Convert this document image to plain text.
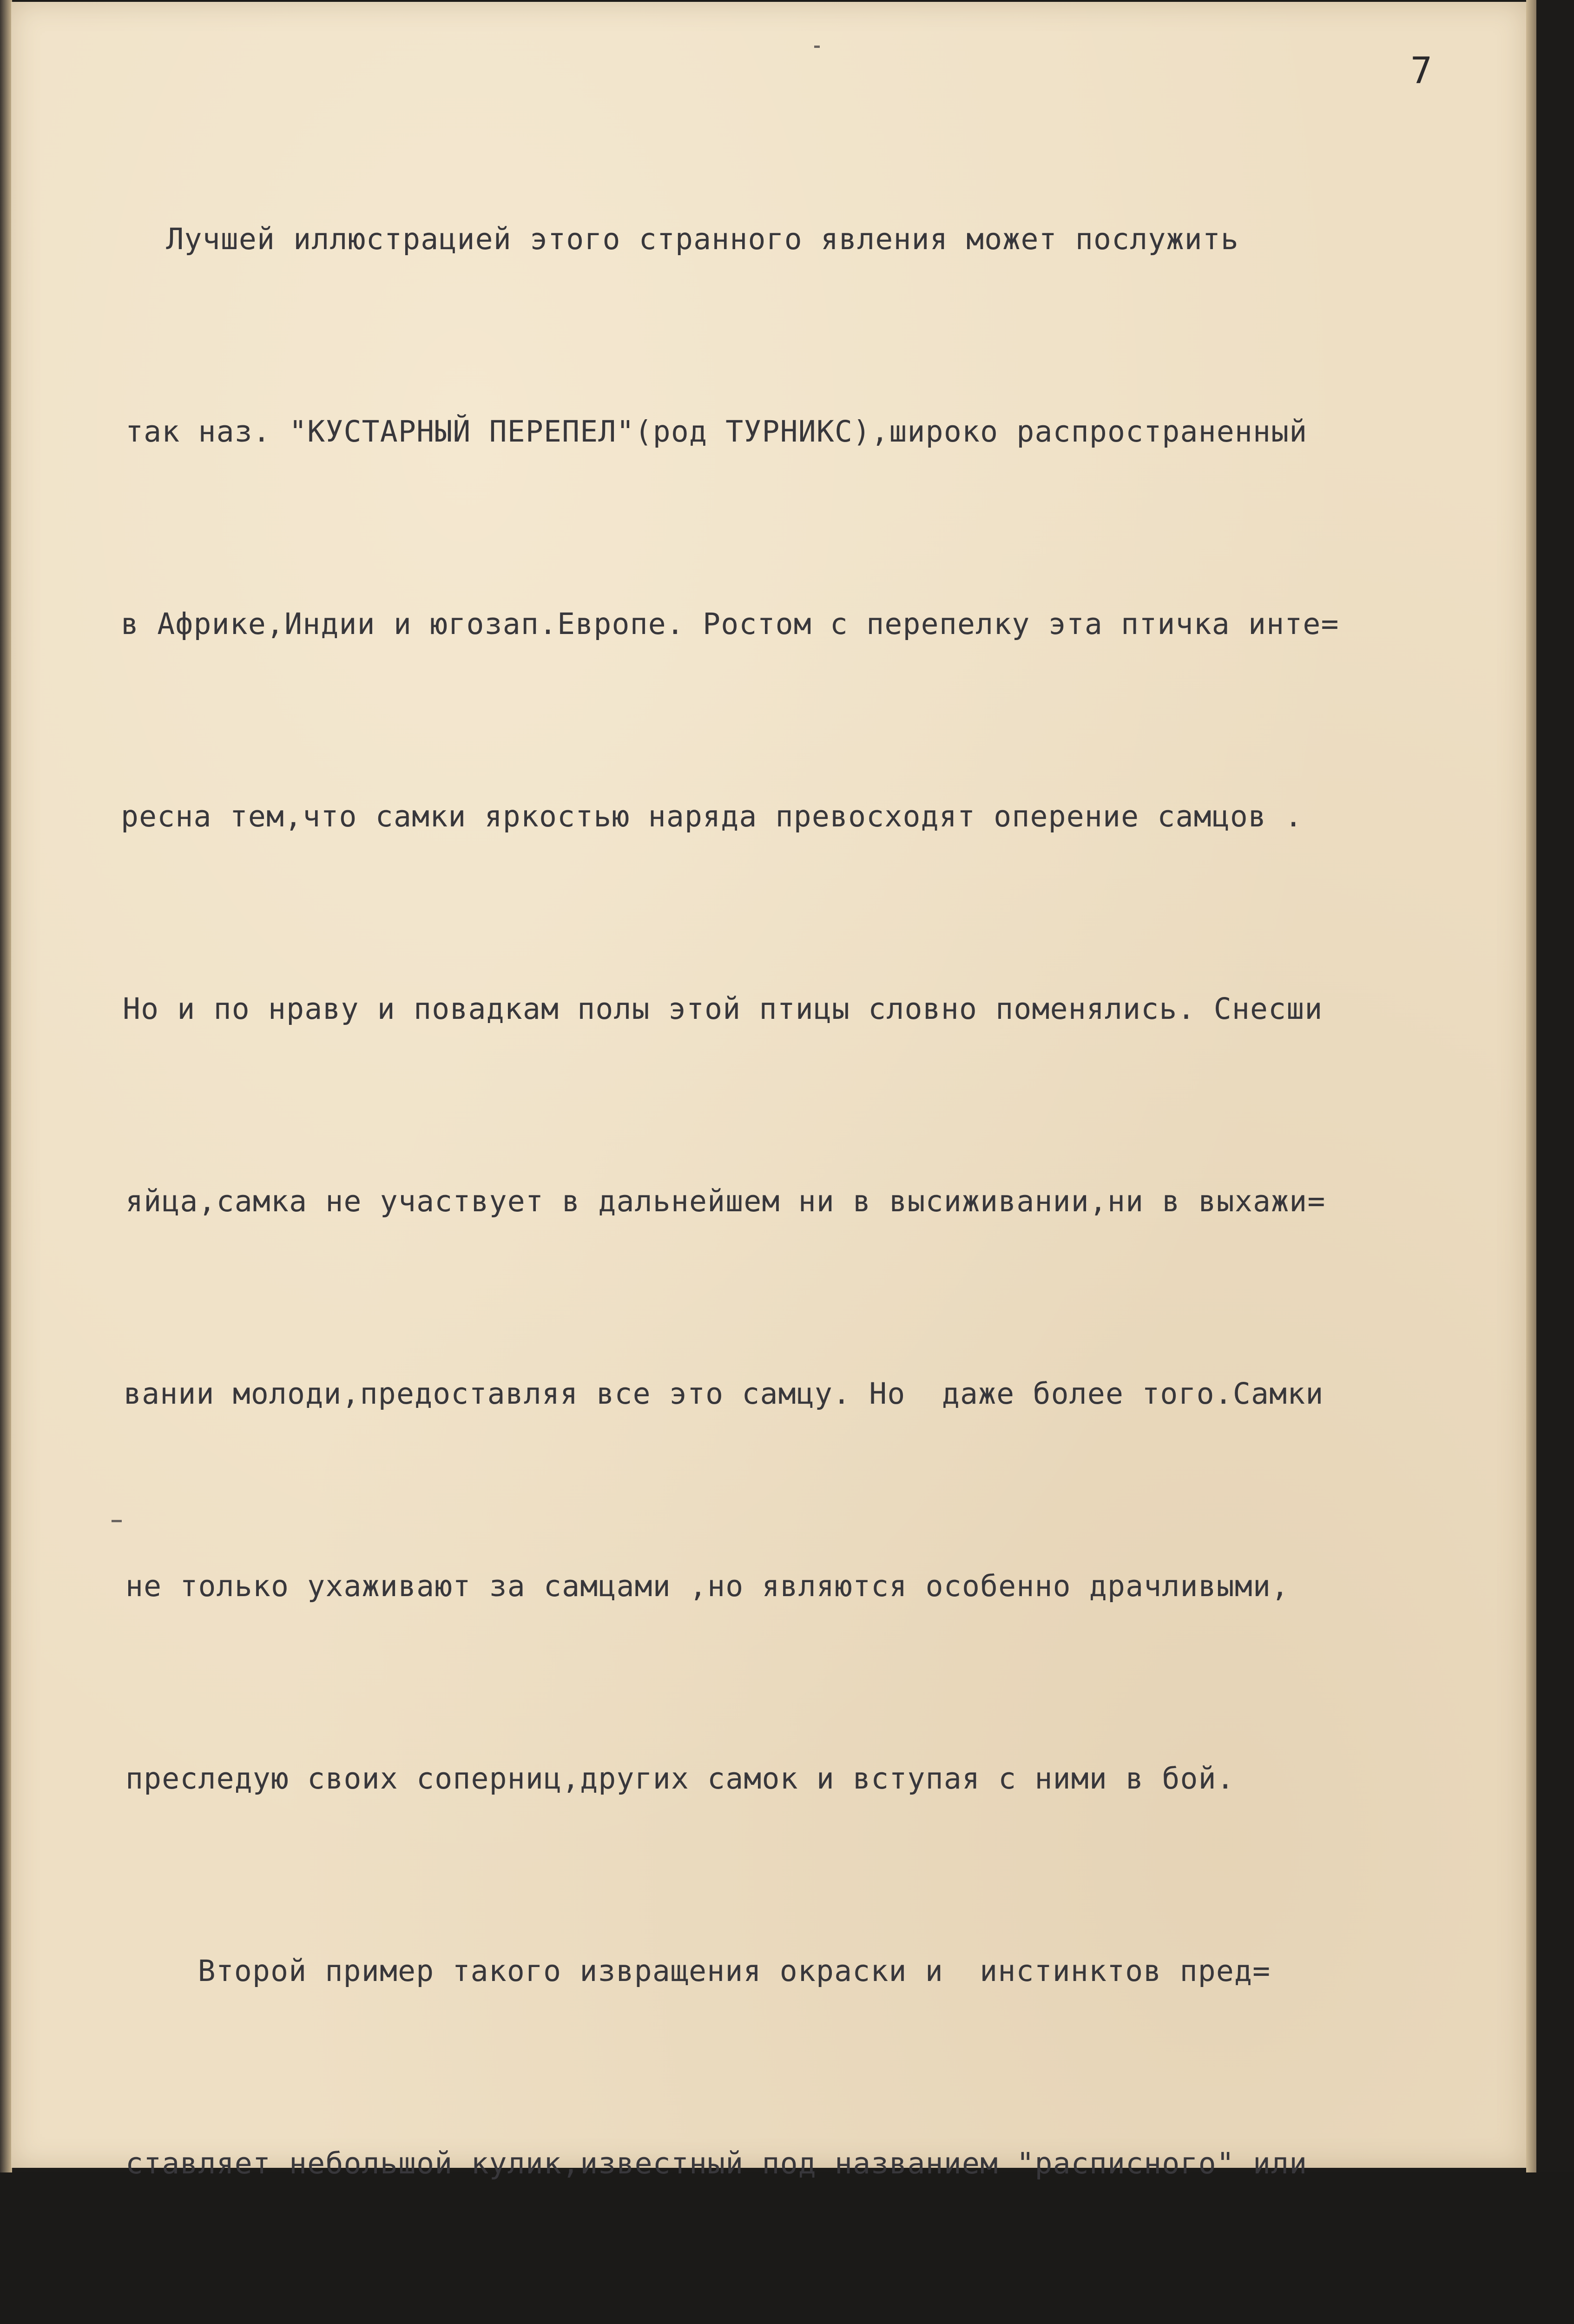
7

Лучшей иллюстрацией этого странного явления может послужить

так наз. "КУСТАРНЫЙ ПЕРЕПЕЛ"(род ТУРНИКС),широко распространенный

в Африке,Индии и югозап.Европе. Ростом с перепелку эта птичка инте=

ресна тем,что самки яркостью наряда превосходят оперение самцов .

Но и по нраву и повадкам полы этой птицы словно поменялись. Снесши

яйца,самка не участвует в дальнейшем ни в высиживании,ни в выхажи=

вании молоди,предоставляя все это самцу. Но  даже более того.Самки

не только ухаживают за самцами ,но являются особенно драчливыми,

преследую своих соперниц,других самок и вступая с ними в бой.

Второй пример такого извращения окраски и  инстинктов пред=

ставляет небольшой кулик,известный под названием "расписного" или
